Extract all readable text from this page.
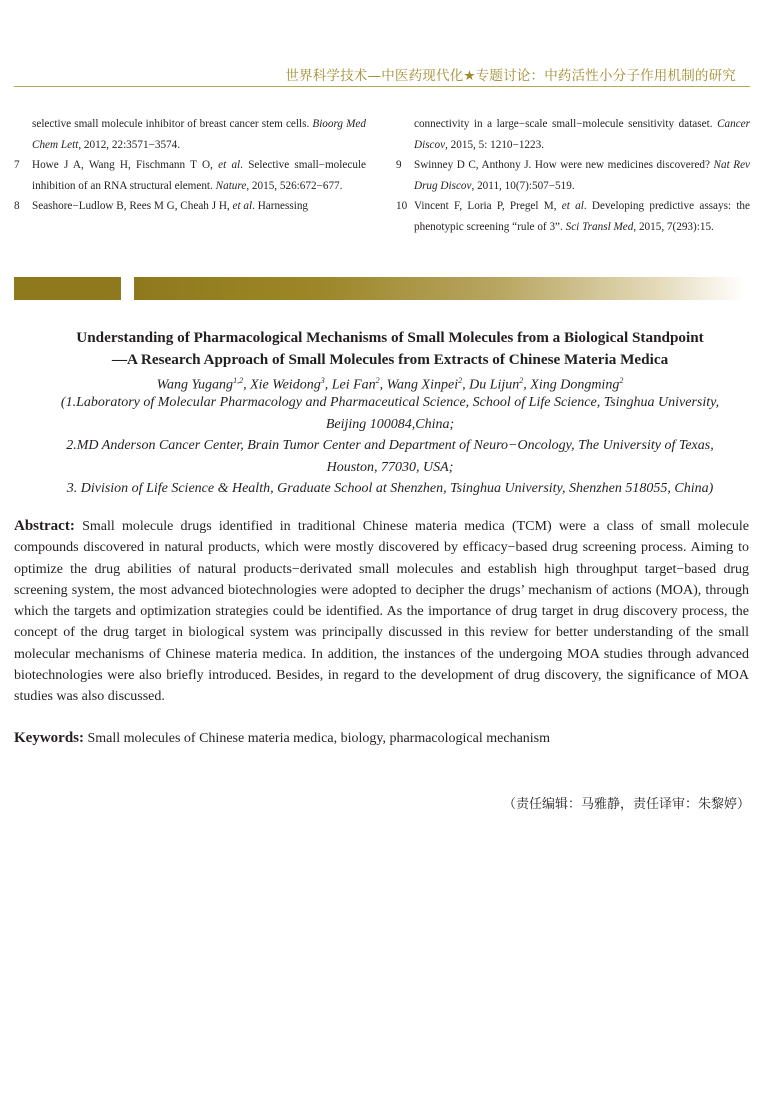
世界科学技术—中医药现代化★专题讨论：中药活性小分子作用机制的研究
selective small molecule inhibitor of breast cancer stem cells. Bioorg Med Chem Lett, 2012, 22:3571−3574.
7 Howe J A, Wang H, Fischmann T O, et al. Selective small−molecule inhibition of an RNA structural element. Nature, 2015, 526:672−677.
8 Seashore−Ludlow B, Rees M G, Cheah J H, et al. Harnessing
connectivity in a large−scale small−molecule sensitivity dataset. Cancer Discov, 2015, 5: 1210−1223.
9 Swinney D C, Anthony J. How were new medicines discovered? Nat Rev Drug Discov, 2011, 10(7):507−519.
10 Vincent F, Loria P, Pregel M, et al. Developing predictive assays: the phenotypic screening “rule of 3”. Sci Transl Med, 2015, 7(293):15.
Understanding of Pharmacological Mechanisms of Small Molecules from a Biological Standpoint
—A Research Approach of Small Molecules from Extracts of Chinese Materia Medica
Wang Yugang$^{1,2}$, Xie Weidong$^3$, Lei Fan$^2$, Wang Xinpei$^2$, Du Lijun$^2$, Xing Dongming$^2$
(1.Laboratory of Molecular Pharmacology and Pharmaceutical Science, School of Life Science, Tsinghua University,
Beijing 100084,China;
2.MD Anderson Cancer Center, Brain Tumor Center and Department of Neuro−Oncology, The University of Texas,
Houston, 77030, USA;
3. Division of Life Science & Health, Graduate School at Shenzhen, Tsinghua University, Shenzhen 518055, China)
Abstract: Small molecule drugs identified in traditional Chinese materia medica (TCM) were a class of small molecule compounds discovered in natural products, which were mostly discovered by efficacy−based drug screening process. Aiming to optimize the drug abilities of natural products−derivated small molecules and establish high throughput target−based drug screening system, the most advanced biotechnologies were adopted to decipher the drugs’ mechanism of actions (MOA), through which the targets and optimization strategies could be identified. As the importance of drug target in drug discovery process, the concept of the drug target in biological system was principally discussed in this review for better understanding of the small molecular mechanisms of Chinese materia medica. In addition, the instances of the undergoing MOA studies through advanced biotechnologies were also briefly introduced. Besides, in regard to the development of drug discovery, the significance of MOA studies was also discussed.
Keywords: Small molecules of Chinese materia medica, biology, pharmacological mechanism
（责任编辑：马雅静，责任译审：朱黎婷）
